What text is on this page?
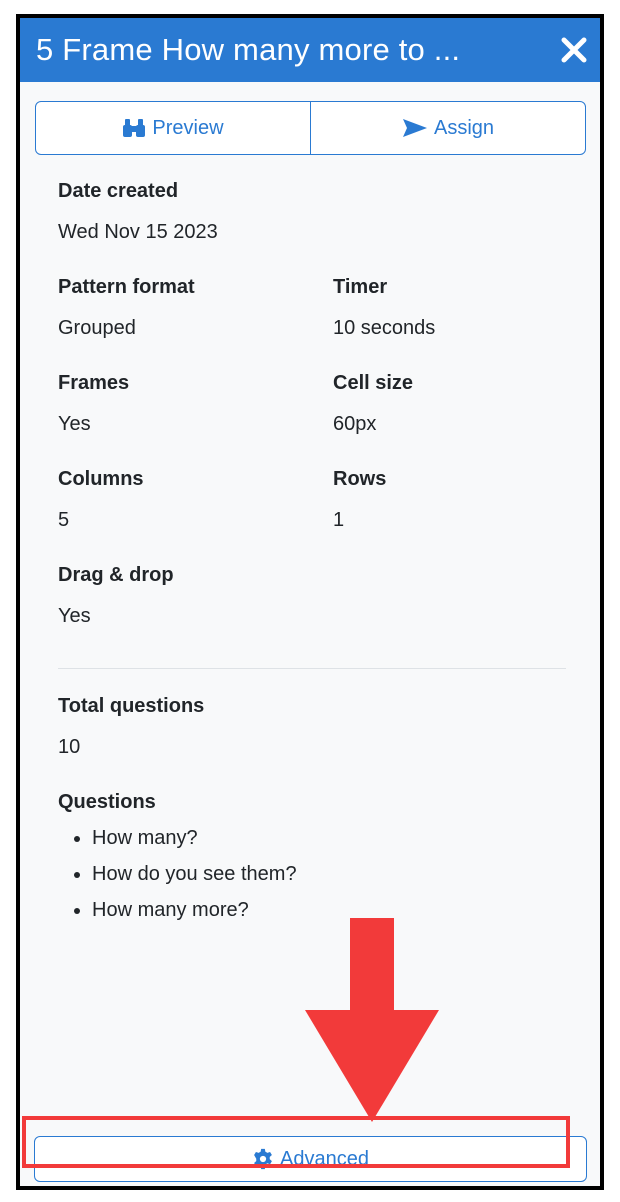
5 Frame How many more to ...
Preview	Assign
Date created
Wed Nov 15 2023
Pattern format
Grouped
Timer
10 seconds
Frames
Yes
Cell size
60px
Columns
5
Rows
1
Drag & drop
Yes
Total questions
10
Questions
• How many?
• How do you see them?
• How many more?
Advanced
